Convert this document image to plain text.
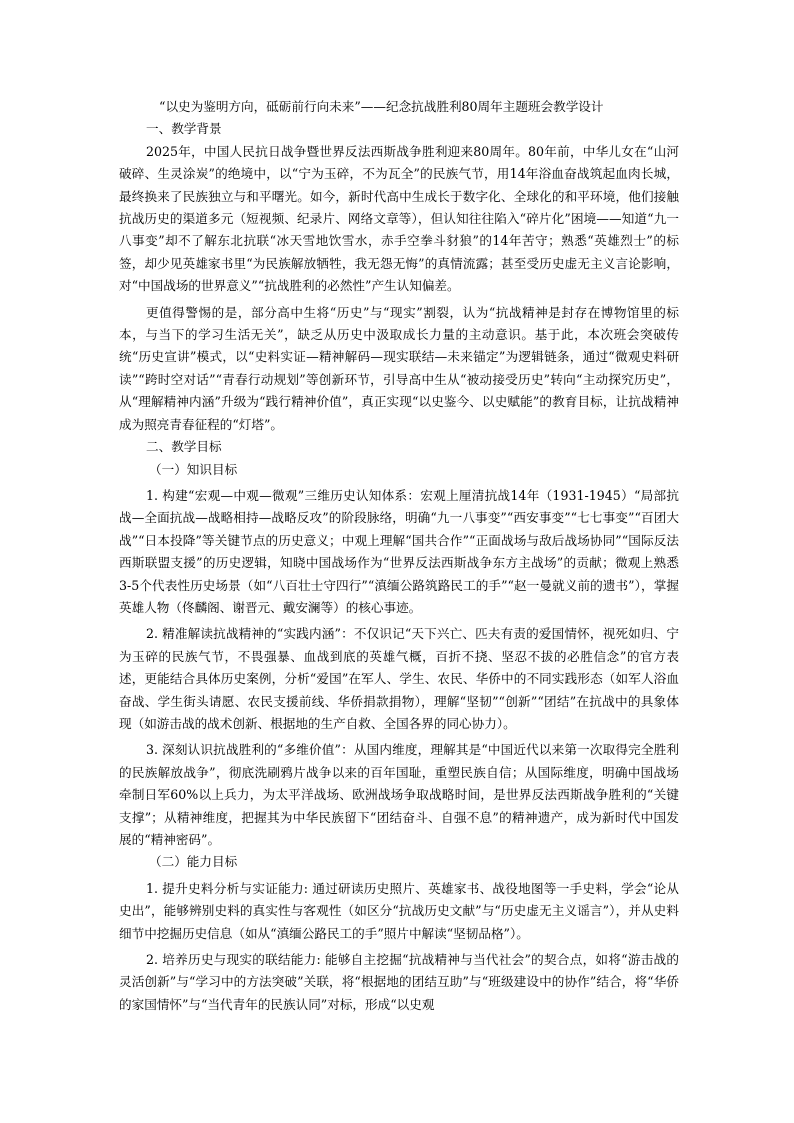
“以史为鉴明方向，砥砺前行向未来”——纪念抗战胜利80周年主题班会教学设计

一、教学背景

2025年，中国人民抗日战争暨世界反法西斯战争胜利迎来80周年。80年前，中华儿女在“山河破碎、生灵涂炭”的绝境中，以“宁为玉碎，不为瓦全”的民族气节，用14年浴血奋战筑起血肉长城，最终换来了民族独立与和平曙光。如今，新时代高中生成长于数字化、全球化的和平环境，他们接触抗战历史的渠道多元（短视频、纪录片、网络文章等），但认知往往陷入“碎片化”困境——知道“九一八事变”却不了解东北抗联“冰天雪地饮雪水，赤手空拳斗豺狼”的14年苦守；熟悉“英雄烈士”的标签，却少见英雄家书里“为民族解放牺牲，我无怨无悔”的真情流露；甚至受历史虚无主义言论影响，对“中国战场的世界意义”“抗战胜利的必然性”产生认知偏差。

更值得警惕的是，部分高中生将“历史”与“现实”割裂，认为“抗战精神是封存在博物馆里的标本，与当下的学习生活无关”，缺乏从历史中汲取成长力量的主动意识。基于此，本次班会突破传统“历史宣讲”模式，以“史料实证—精神解码—现实联结—未来锚定”为逻辑链条，通过“微观史料研读”“跨时空对话”“青春行动规划”等创新环节，引导高中生从“被动接受历史”转向“主动探究历史”，从“理解精神内涵”升级为“践行精神价值”，真正实现“以史鉴今、以史赋能”的教育目标，让抗战精神成为照亮青春征程的“灯塔”。

二、教学目标

（一）知识目标

1. 构建“宏观—中观—微观”三维历史认知体系：宏观上厘清抗战14年（1931-1945）“局部抗战—全面抗战—战略相持—战略反攻”的阶段脉络，明确“九一八事变”“西安事变”“七七事变”“百团大战”“日本投降”等关键节点的历史意义；中观上理解“国共合作”“正面战场与敌后战场协同”“国际反法西斯联盟支援”的历史逻辑，知晓中国战场作为“世界反法西斯战争东方主战场”的贡献；微观上熟悉3-5个代表性历史场景（如“八百壮士守四行”“滇缅公路筑路民工的手”“赵一曼就义前的遗书”），掌握英雄人物（佟麟阁、谢晋元、戴安澜等）的核心事迹。

2. 精准解读抗战精神的“实践内涵”：不仅识记“天下兴亡、匹夫有责的爱国情怀，视死如归、宁为玉碎的民族气节，不畏强暴、血战到底的英雄气概，百折不挠、坚忍不拔的必胜信念”的官方表述，更能结合具体历史案例，分析“爱国”在军人、学生、农民、华侨中的不同实践形态（如军人浴血奋战、学生街头请愿、农民支援前线、华侨捐款捐物），理解“坚韧”“创新”“团结”在抗战中的具象体现（如游击战的战术创新、根据地的生产自救、全国各界的同心协力）。

3. 深刻认识抗战胜利的“多维价值”：从国内维度，理解其是“中国近代以来第一次取得完全胜利的民族解放战争”，彻底洗刷鸦片战争以来的百年国耻，重塑民族自信；从国际维度，明确中国战场牵制日军60%以上兵力，为太平洋战场、欧洲战场争取战略时间，是世界反法西斯战争胜利的“关键支撑”；从精神维度，把握其为中华民族留下“团结奋斗、自强不息”的精神遗产，成为新时代中国发展的“精神密码”。

（二）能力目标

1. 提升史料分析与实证能力: 通过研读历史照片、英雄家书、战役地图等一手史料，学会“论从史出”，能够辨别史料的真实性与客观性（如区分“抗战历史文献”与“历史虚无主义谣言”），并从史料细节中挖掘历史信息（如从“滇缅公路民工的手”照片中解读“坚韧品格”）。

2. 培养历史与现实的联结能力: 能够自主挖掘“抗战精神与当代社会”的契合点，如将“游击战的灵活创新”与“学习中的方法突破”关联，将“根据地的团结互助”与“班级建设中的协作”结合，将“华侨的家国情怀”与“当代青年的民族认同”对标，形成“以史观
